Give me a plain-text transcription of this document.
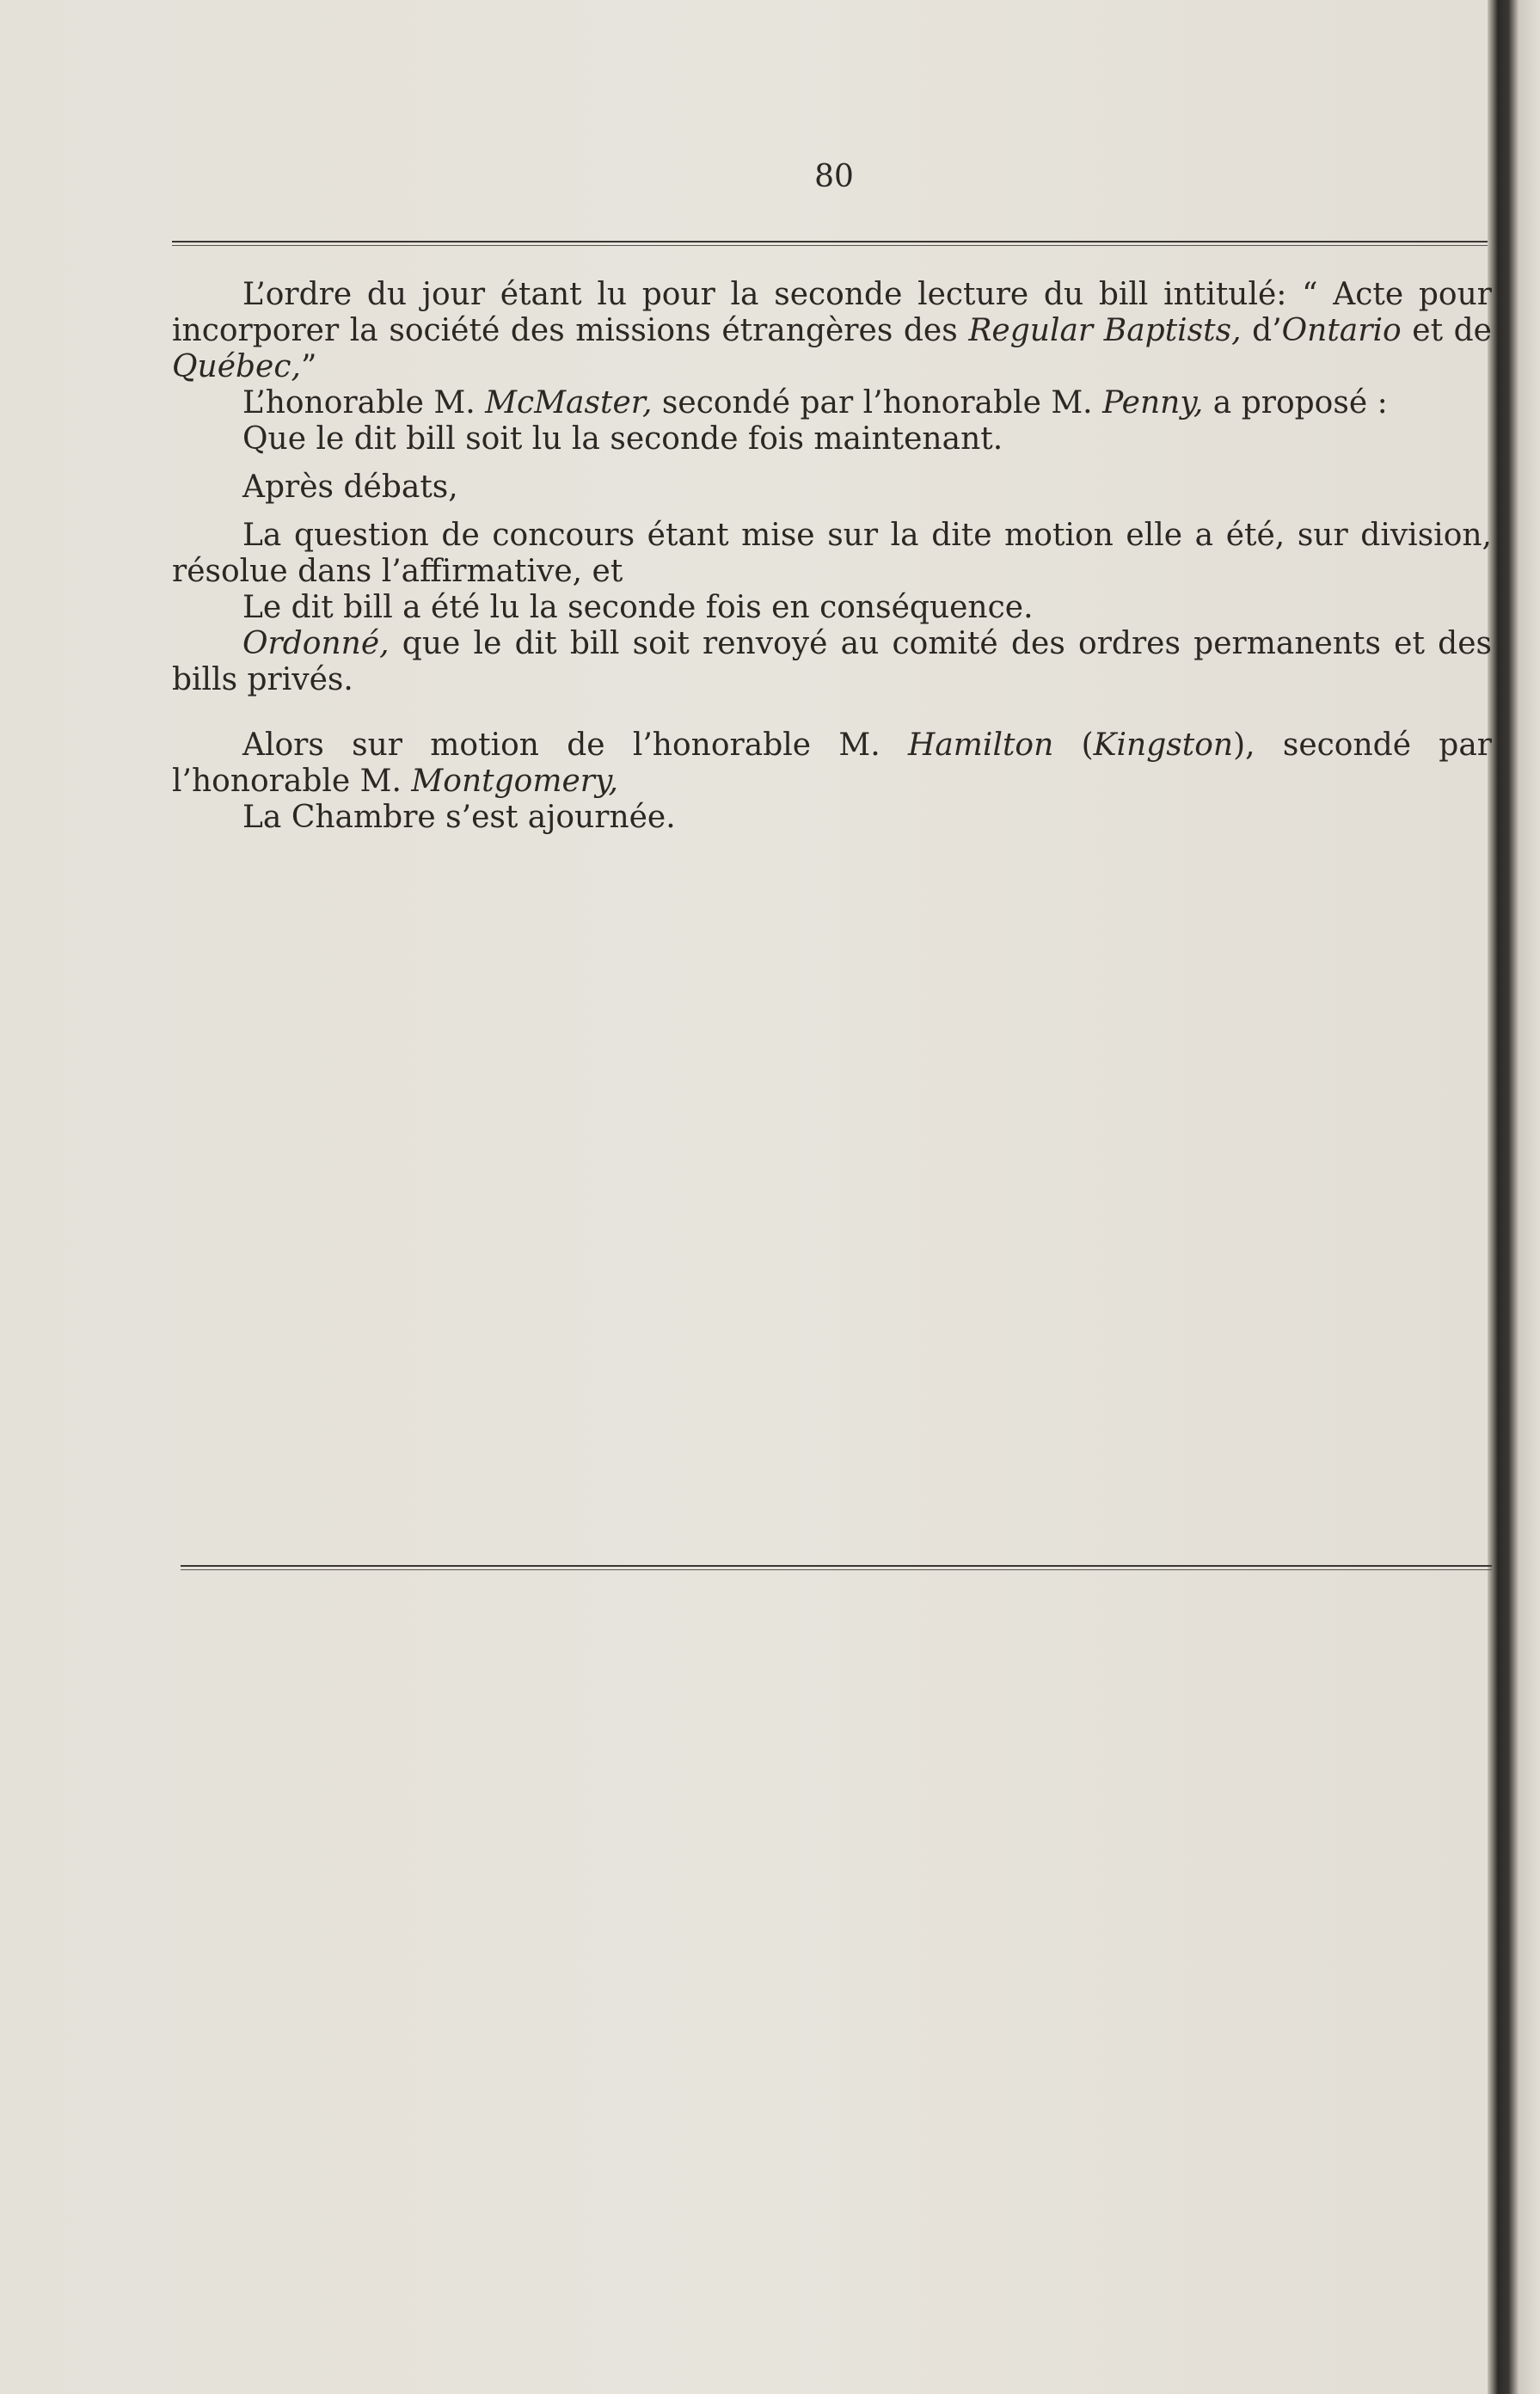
80

L’ordre du jour étant lu pour la seconde lecture du bill intitulé: “ Acte pour incorporer la société des missions étrangères des Regular Baptists, d’Ontario et de Québec,”

L’honorable M. McMaster, secondé par l’honorable M. Penny, a proposé :

Que le dit bill soit lu la seconde fois maintenant.

Après débats,

La question de concours étant mise sur la dite motion elle a été, sur division, résolue dans l’affirmative, et

Le dit bill a été lu la seconde fois en conséquence.

Ordonné, que le dit bill soit renvoyé au comité des ordres permanents et des bills privés.

Alors sur motion de l’honorable M. Hamilton (Kingston), secondé par l’honorable M. Montgomery,

La Chambre s’est ajournée.
